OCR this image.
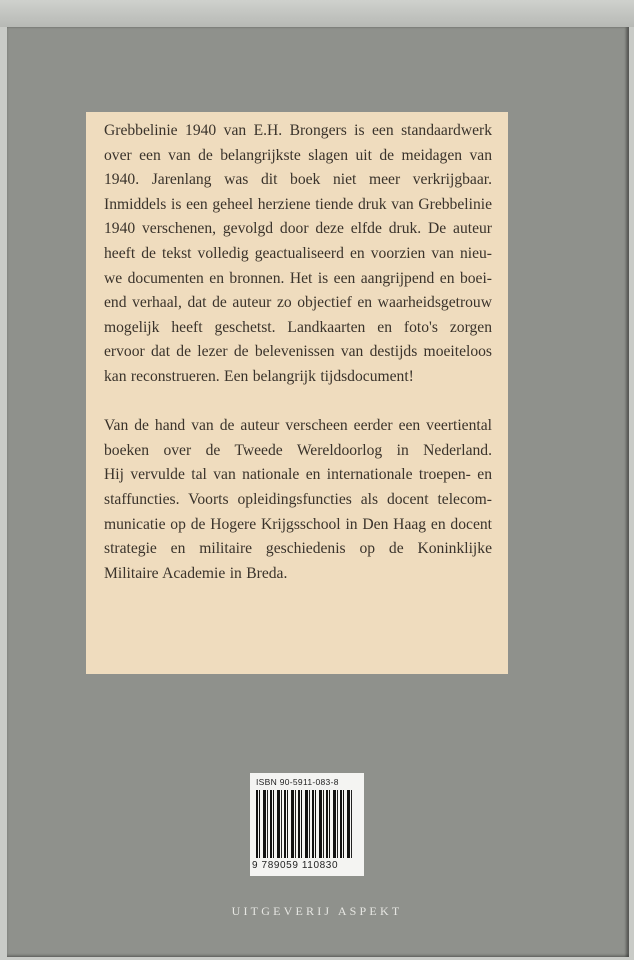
Grebbelinie 1940 van E.H. Brongers is een standaardwerk
over een van de belangrijkste slagen uit de meidagen van
1940. Jarenlang was dit boek niet meer verkrijgbaar.
Inmiddels is een geheel herziene tiende druk van Grebbelinie
1940 verschenen, gevolgd door deze elfde druk. De auteur
heeft de tekst volledig geactualiseerd en voorzien van nieu-
we documenten en bronnen. Het is een aangrijpend en boei-
end verhaal, dat de auteur zo objectief en waarheidsgetrouw
mogelijk heeft geschetst. Landkaarten en foto's zorgen
ervoor dat de lezer de belevenissen van destijds moeiteloos
kan reconstrueren. Een belangrijk tijdsdocument!
Van de hand van de auteur verscheen eerder een veertiental
boeken over de Tweede Wereldoorlog in Nederland.
Hij vervulde tal van nationale en internationale troepen- en
staffuncties. Voorts opleidingsfuncties als docent telecom-
municatie op de Hogere Krijgsschool in Den Haag en docent
strategie en militaire geschiedenis op de Koninklijke
Militaire Academie in Breda.
ISBN 90-5911-083-8
9 789059 110830
UITGEVERIJ ASPEKT
